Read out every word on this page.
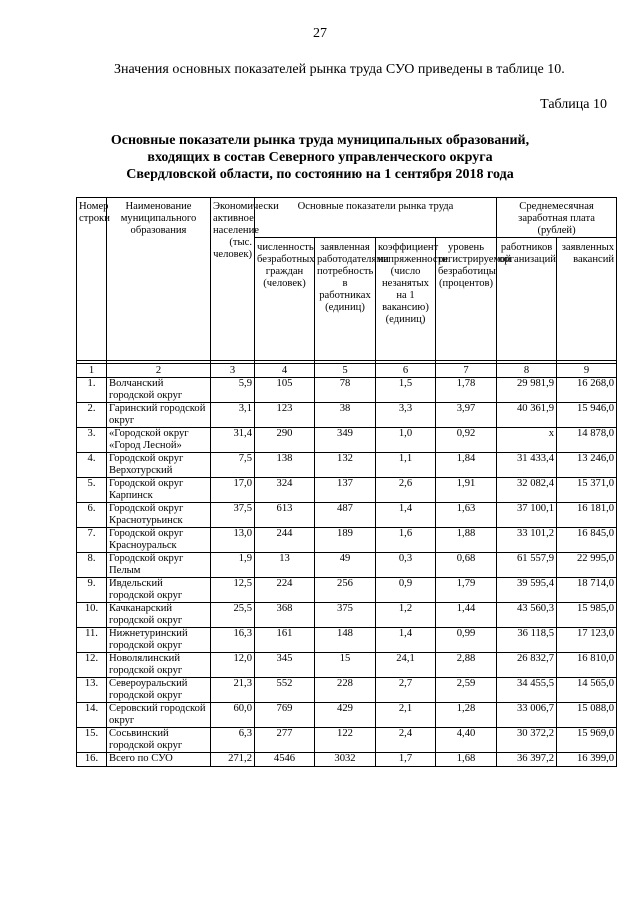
27
Значения основных показателей рынка труда СУО приведены в таблице 10.
Таблица 10
Основные показатели рынка труда муниципальных образований,
входящих в состав Северного управленческого округа
Свердловской области, по состоянию на 1 сентября 2018 года
Номер строки	Наименование муниципального образования	Экономически активное население (тыс. человек)	Основные показатели рынка труда				Среднемесячная заработная плата (рублей)	
			численность безработных граждан (человек)	заявленная работодателями потребность в работниках (единиц)	коэффициент напряженности (число незанятых на 1 вакансию) (единиц)	уровень регистрируемой безработицы (процентов)	работников организаций	заявленных вакансий

1	2	3	4	5	6	7	8	9
1.	Волчанский городской округ	5,9	105	78	1,5	1,78	29 981,9	16 268,0
2.	Гаринский городской округ	3,1	123	38	3,3	3,97	40 361,9	15 946,0
3.	«Городской округ «Город Лесной»	31,4	290	349	1,0	0,92	х	14 878,0
4.	Городской округ Верхотурский	7,5	138	132	1,1	1,84	31 433,4	13 246,0
5.	Городской округ Карпинск	17,0	324	137	2,6	1,91	32 082,4	15 371,0
6.	Городской округ Краснотурьинск	37,5	613	487	1,4	1,63	37 100,1	16 181,0
7.	Городской округ Красноуральск	13,0	244	189	1,6	1,88	33 101,2	16 845,0
8.	Городской округ Пелым	1,9	13	49	0,3	0,68	61 557,9	22 995,0
9.	Ивдельский городской округ	12,5	224	256	0,9	1,79	39 595,4	18 714,0
10.	Качканарский городской округ	25,5	368	375	1,2	1,44	43 560,3	15 985,0
11.	Нижнетуринский городской округ	16,3	161	148	1,4	0,99	36 118,5	17 123,0
12.	Новолялинский городской округ	12,0	345	15	24,1	2,88	26 832,7	16 810,0
13.	Североуральский городской округ	21,3	552	228	2,7	2,59	34 455,5	14 565,0
14.	Серовский городской округ	60,0	769	429	2,1	1,28	33 006,7	15 088,0
15.	Сосьвинский городской округ	6,3	277	122	2,4	4,40	30 372,2	15 969,0
16.	Всего по СУО	271,2	4546	3032	1,7	1,68	36 397,2	16 399,0
